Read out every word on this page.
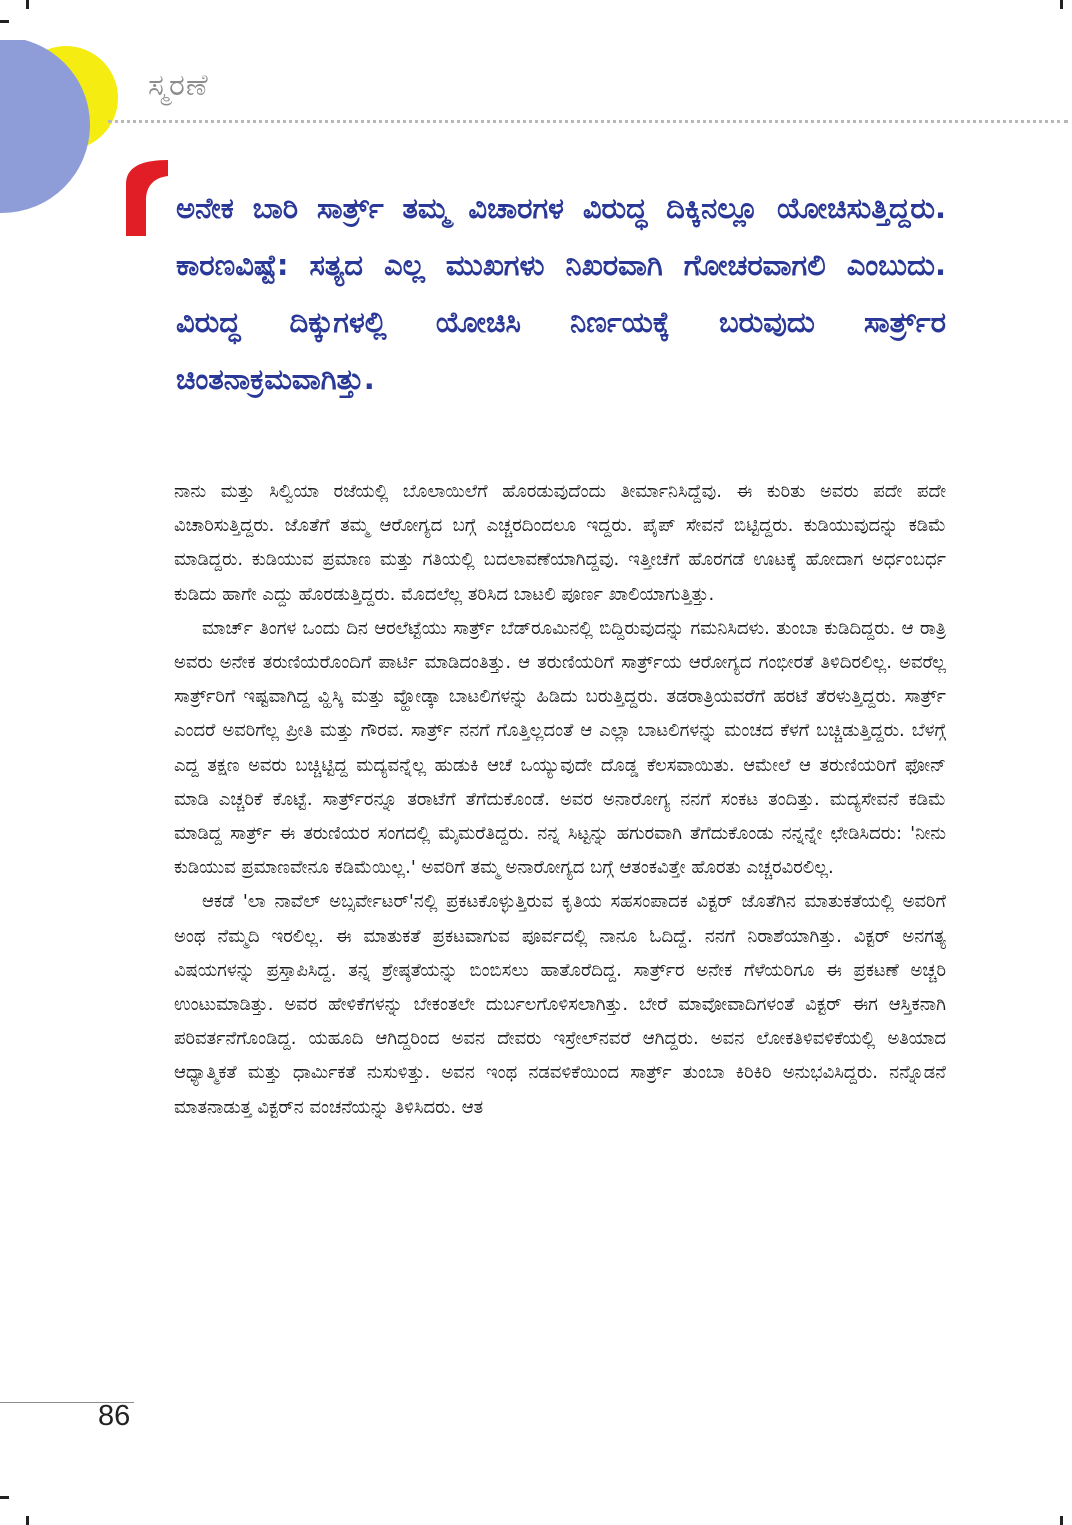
ಸ್ಮರಣೆ

ಅನೇಕ ಬಾರಿ ಸಾರ್ತ್ರ್ ತಮ್ಮ ವಿಚಾರಗಳ ವಿರುದ್ಧ ದಿಕ್ಕಿನಲ್ಲೂ ಯೋಚಿಸುತ್ತಿದ್ದರು. ಕಾರಣವಿಷ್ಟೆ: ಸತ್ಯದ ಎಲ್ಲ ಮುಖಗಳು ನಿಖರವಾಗಿ ಗೋಚರವಾಗಲಿ ಎಂಬುದು. ವಿರುದ್ಧ ದಿಕ್ಕುಗಳಲ್ಲಿ ಯೋಚಿಸಿ ನಿರ್ಣಯಕ್ಕೆ ಬರುವುದು ಸಾರ್ತ್ರ್‌ರ ಚಿಂತನಾಕ್ರಮವಾಗಿತ್ತು.

ನಾನು ಮತ್ತು ಸಿಲ್ವಿಯಾ ರಜೆಯಲ್ಲಿ ಬೊಲಾಯಿಲೆಗೆ ಹೊರಡುವುದೆಂದು ತೀರ್ಮಾನಿಸಿದ್ದೆವು. ಈ ಕುರಿತು ಅವರು ಪದೇ ಪದೇ ವಿಚಾರಿಸುತ್ತಿದ್ದರು. ಜೊತೆಗೆ ತಮ್ಮ ಆರೋಗ್ಯದ ಬಗ್ಗೆ ಎಚ್ಚರದಿಂದಲೂ ಇದ್ದರು. ಪೈಪ್ ಸೇವನೆ ಬಿಟ್ಟಿದ್ದರು. ಕುಡಿಯುವುದನ್ನು ಕಡಿಮೆ ಮಾಡಿದ್ದರು. ಕುಡಿಯುವ ಪ್ರಮಾಣ ಮತ್ತು ಗತಿಯಲ್ಲಿ ಬದಲಾವಣೆಯಾಗಿದ್ದವು. ಇತ್ತೀಚೆಗೆ ಹೊರಗಡೆ ಊಟಕ್ಕೆ ಹೋದಾಗ ಅರ್ಧಂಬರ್ಧ ಕುಡಿದು ಹಾಗೇ ಎದ್ದು ಹೊರಡುತ್ತಿದ್ದರು. ಮೊದಲೆಲ್ಲ ತರಿಸಿದ ಬಾಟಲಿ ಪೂರ್ಣ ಖಾಲಿಯಾಗುತ್ತಿತ್ತು.

ಮಾರ್ಚ್ ತಿಂಗಳ ಒಂದು ದಿನ ಆರಲೆಟ್ಟೆಯು ಸಾರ್ತ್ರ್ ಬೆಡ್‌ರೂಮಿನಲ್ಲಿ ಬಿದ್ದಿರುವುದನ್ನು ಗಮನಿಸಿದಳು. ತುಂಬಾ ಕುಡಿದಿದ್ದರು. ಆ ರಾತ್ರಿ ಅವರು ಅನೇಕ ತರುಣಿಯರೊಂದಿಗೆ ಪಾರ್ಟಿ ಮಾಡಿದಂತಿತ್ತು. ಆ ತರುಣಿಯರಿಗೆ ಸಾರ್ತ್ರ್‌ಯ ಆರೋಗ್ಯದ ಗಂಭೀರತೆ ತಿಳಿದಿರಲಿಲ್ಲ. ಅವರೆಲ್ಲ ಸಾರ್ತ್ರ್‌ರಿಗೆ ಇಷ್ಟವಾಗಿದ್ದ ವ್ಹಿಸ್ಕಿ ಮತ್ತು ವ್ಹೋಡ್ಕಾ ಬಾಟಲಿಗಳನ್ನು ಹಿಡಿದು ಬರುತ್ತಿದ್ದರು. ತಡರಾತ್ರಿಯವರೆಗೆ ಹರಟೆ ತೆರಳುತ್ತಿದ್ದರು. ಸಾರ್ತ್ರ್ ಎಂದರೆ ಅವರಿಗೆಲ್ಲ ಪ್ರೀತಿ ಮತ್ತು ಗೌರವ. ಸಾರ್ತ್ರ್ ನನಗೆ ಗೊತ್ತಿಲ್ಲದಂತೆ ಆ ಎಲ್ಲಾ ಬಾಟಲಿಗಳನ್ನು ಮಂಚದ ಕೆಳಗೆ ಬಚ್ಚಿಡುತ್ತಿದ್ದರು. ಬೆಳಗ್ಗೆ ಎದ್ದ ತಕ್ಷಣ ಅವರು ಬಚ್ಚಿಟ್ಟಿದ್ದ ಮದ್ಯವನ್ನೆಲ್ಲ ಹುಡುಕಿ ಆಚೆ ಒಯ್ಯುವುದೇ ದೊಡ್ಡ ಕೆಲಸವಾಯಿತು. ಆಮೇಲೆ ಆ ತರುಣಿಯರಿಗೆ ಫೋನ್ ಮಾಡಿ ಎಚ್ಚರಿಕೆ ಕೊಟ್ಟೆ. ಸಾರ್ತ್ರ್‌ರನ್ನೂ ತರಾಟೆಗೆ ತೆಗೆದುಕೊಂಡೆ. ಅವರ ಅನಾರೋಗ್ಯ ನನಗೆ ಸಂಕಟ ತಂದಿತ್ತು. ಮದ್ಯಸೇವನೆ ಕಡಿಮೆ ಮಾಡಿದ್ದ ಸಾರ್ತ್ರ್ ಈ ತರುಣಿಯರ ಸಂಗದಲ್ಲಿ ಮೈಮರೆತಿದ್ದರು. ನನ್ನ ಸಿಟ್ಟನ್ನು ಹಗುರವಾಗಿ ತೆಗೆದುಕೊಂಡು ನನ್ನನ್ನೇ ಛೇಡಿಸಿದರು: 'ನೀನು ಕುಡಿಯುವ ಪ್ರಮಾಣವೇನೂ ಕಡಿಮೆಯಿಲ್ಲ.' ಅವರಿಗೆ ತಮ್ಮ ಅನಾರೋಗ್ಯದ ಬಗ್ಗೆ ಆತಂಕವಿತ್ತೇ ಹೊರತು ಎಚ್ಚರವಿರಲಿಲ್ಲ.

ಆಕಡೆ 'ಲಾ ನಾವೆಲ್ ಅಬ್ಸರ್ವೇಟರ್'ನಲ್ಲಿ ಪ್ರಕಟಕೊಳ್ಳುತ್ತಿರುವ ಕೃತಿಯ ಸಹಸಂಪಾದಕ ವಿಕ್ಟರ್ ಜೊತೆಗಿನ ಮಾತುಕತೆಯಲ್ಲಿ ಅವರಿಗೆ ಅಂಥ ನೆಮ್ಮದಿ ಇರಲಿಲ್ಲ. ಈ ಮಾತುಕತೆ ಪ್ರಕಟವಾಗುವ ಪೂರ್ವದಲ್ಲಿ ನಾನೂ ಓದಿದ್ದೆ. ನನಗೆ ನಿರಾಶೆಯಾಗಿತ್ತು. ವಿಕ್ಟರ್ ಅನಗತ್ಯ ವಿಷಯಗಳನ್ನು ಪ್ರಸ್ತಾಪಿಸಿದ್ದ. ತನ್ನ ಶ್ರೇಷ್ಠತೆಯನ್ನು ಬಿಂಬಿಸಲು ಹಾತೊರೆದಿದ್ದ. ಸಾರ್ತ್ರ್‌ರ ಅನೇಕ ಗೆಳೆಯರಿಗೂ ಈ ಪ್ರಕಟಣೆ ಅಚ್ಚರಿ ಉಂಟುಮಾಡಿತ್ತು. ಅವರ ಹೇಳಿಕೆಗಳನ್ನು ಬೇಕಂತಲೇ ದುರ್ಬಲಗೊಳಿಸಲಾಗಿತ್ತು. ಬೇರೆ ಮಾವೋವಾದಿಗಳಂತೆ ವಿಕ್ಟರ್ ಈಗ ಆಸ್ತಿಕನಾಗಿ ಪರಿವರ್ತನೆಗೊಂಡಿದ್ದ. ಯಹೂದಿ ಆಗಿದ್ದರಿಂದ ಅವನ ದೇವರು ಇಸ್ರೇಲ್‌ನವರೆ ಆಗಿದ್ದರು. ಅವನ ಲೋಕತಿಳಿವಳಿಕೆಯಲ್ಲಿ ಅತಿಯಾದ ಆಧ್ಯಾತ್ಮಿಕತೆ ಮತ್ತು ಧಾರ್ಮಿಕತೆ ನುಸುಳಿತ್ತು. ಅವನ ಇಂಥ ನಡವಳಿಕೆಯಿಂದ ಸಾರ್ತ್ರ್ ತುಂಬಾ ಕಿರಿಕಿರಿ ಅನುಭವಿಸಿದ್ದರು. ನನ್ನೊಡನೆ ಮಾತನಾಡುತ್ತ ವಿಕ್ಟರ್‌ನ ವಂಚನೆಯನ್ನು ತಿಳಿಸಿದರು. ಆತ

86
